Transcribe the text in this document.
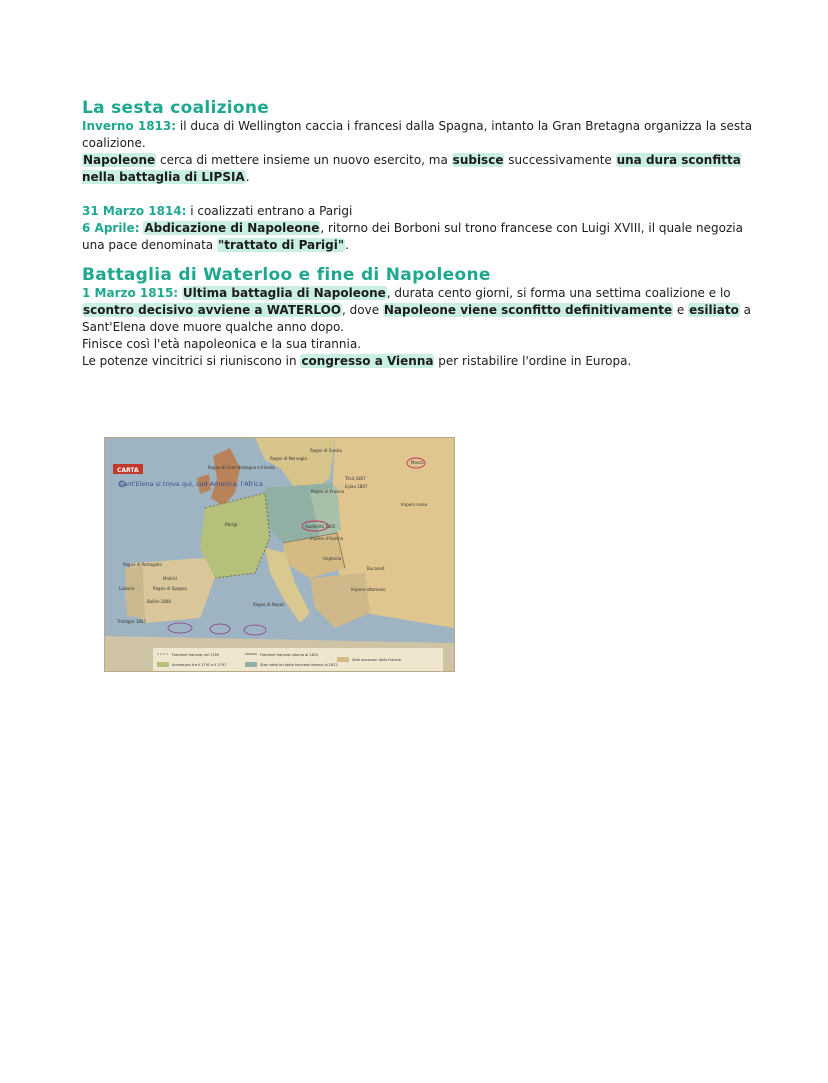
La sesta coalizione

Inverno 1813: il duca di Wellington caccia i francesi dalla Spagna, intanto la Gran Bretagna organizza la sesta coalizione.

Napoleone cerca di mettere insieme un nuovo esercito, ma subisce successivamente una dura sconfitta nella battaglia di LIPSIA.

31 Marzo 1814: i coalizzati entrano a Parigi

6 Aprile: Abdicazione di Napoleone, ritorno dei Borboni sul trono francese con Luigi XVIII, il quale negozia una pace denominata "trattato di Parigi".

Battaglia di Waterloo e fine di Napoleone

1 Marzo 1815: Ultima battaglia di Napoleone, durata cento giorni, si forma una settima coalizione e lo scontro decisivo avviene a WATERLOO, dove Napoleone viene sconfitto definitivamente e esiliato a Sant'Elena dove muore qualche anno dopo.

Finisce così l'età napoleonica e la sua tirannia.

Le potenze vincitrici si riuniscono in congresso a Vienna per ristabilire l'ordine in Europa.

CARTA
Sant'Elena si trova qui, sud America, l'Africa
Regno di Gran Bretagna e Irlanda
Regno di Norvegia
Regno di Svezia
Mosca
Regno di Prussia
Tilsit 1807
Eylau 1807
Impero russo
Parigi	Austerlitz 1805
Impero d'Austria
Ungheria
Bucarest
Impero ottomano
Regno di Portogallo
Lisbona
Madrid
Regno di Spagna
Bailén 1808
Trafalgar 1805
Regno di Napoli
Frontiere francesi nel 1789
Annessioni tra il 1792 e il 1797
Frontiere francesi intorno al 1812
Stati sotto la tutela francese intorno al 1812
Stati avversari della Francia
